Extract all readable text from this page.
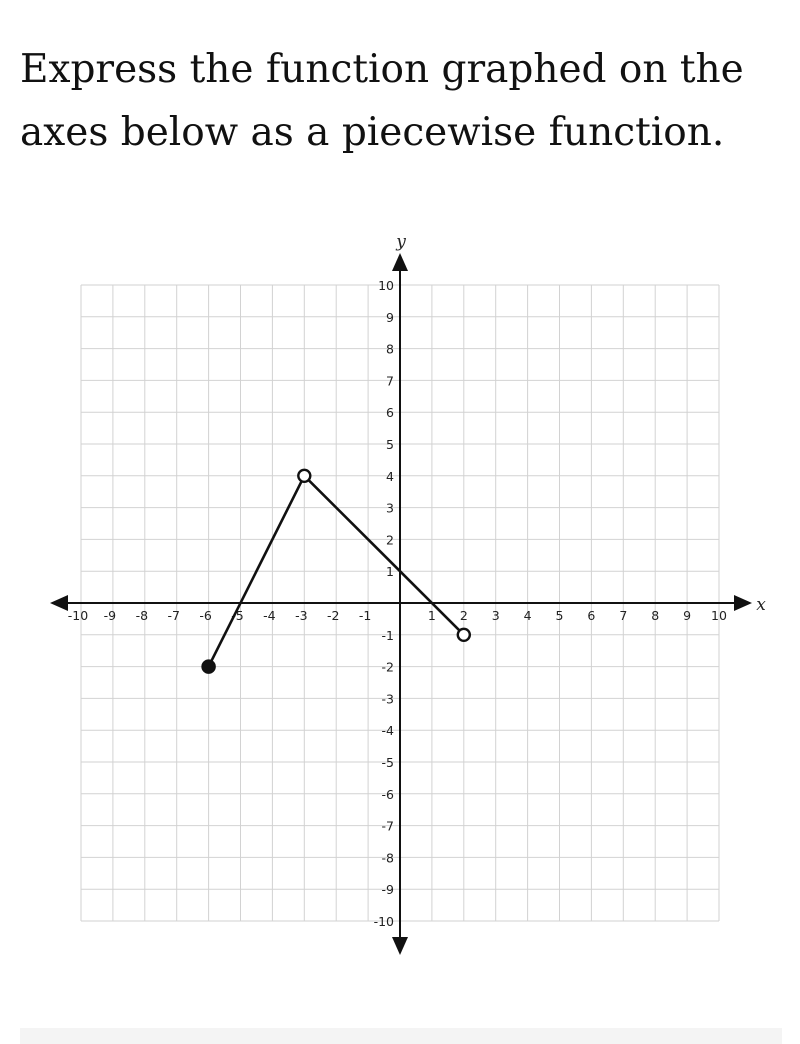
Express the function graphed on the
axes below as a piecewise function.
-10 -9 -8 -7 -6 -5 -4 -3 -2 -1	1 2 3 4 5 6 7 8 9 10
10
9
8
7
6
5
4
3
2
1
-1
-2
-3
-4
-5
-6
-7
-8
-9
-10
x
y
